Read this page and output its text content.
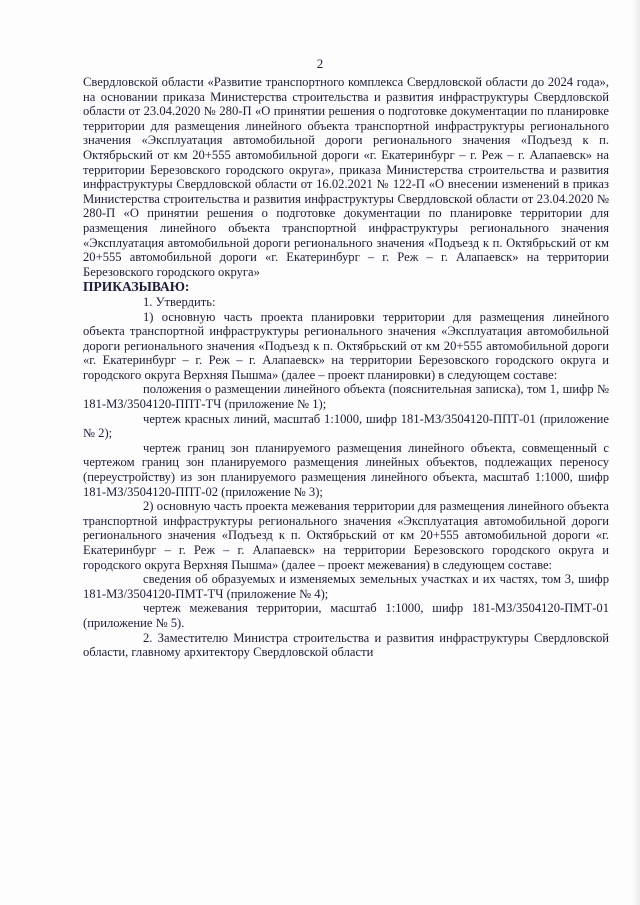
2

Свердловской области «Развитие транспортного комплекса Свердловской области до 2024 года», на основании приказа Министерства строительства и развития инфраструктуры Свердловской области от 23.04.2020 № 280-П «О принятии решения о подготовке документации по планировке территории для размещения линейного объекта транспортной инфраструктуры регионального значения «Эксплуатация автомобильной дороги регионального значения «Подъезд к п. Октябрьский от км 20+555 автомобильной дороги «г. Екатеринбург – г. Реж – г. Алапаевск» на территории Березовского городского округа», приказа Министерства строительства и развития инфраструктуры Свердловской области от 16.02.2021 № 122-П «О внесении изменений в приказ Министерства строительства и развития инфраструктуры Свердловской области от 23.04.2020 № 280-П «О принятии решения о подготовке документации по планировке территории для размещения линейного объекта транспортной инфраструктуры регионального значения «Эксплуатация автомобильной дороги регионального значения «Подъезд к п. Октябрьский от км 20+555 автомобильной дороги «г. Екатеринбург – г. Реж – г. Алапаевск» на территории Березовского городского округа»

ПРИКАЗЫВАЮ:

1. Утвердить:

1) основную часть проекта планировки территории для размещения линейного объекта транспортной инфраструктуры регионального значения «Эксплуатация автомобильной дороги регионального значения «Подъезд к п. Октябрьский от км 20+555 автомобильной дороги «г. Екатеринбург – г. Реж – г. Алапаевск» на территории Березовского городского округа и городского округа Верхняя Пышма» (далее – проект планировки) в следующем составе:

положения о размещении линейного объекта (пояснительная записка), том 1, шифр № 181-МЗ/3504120-ППТ-ТЧ (приложение № 1);

чертеж красных линий, масштаб 1:1000, шифр 181-МЗ/3504120-ППТ-01 (приложение № 2);

чертеж границ зон планируемого размещения линейного объекта, совмещенный с чертежом границ зон планируемого размещения линейных объектов, подлежащих переносу (переустройству) из зон планируемого размещения линейного объекта, масштаб 1:1000, шифр 181-МЗ/3504120-ППТ-02 (приложение № 3);

2) основную часть проекта межевания территории для размещения линейного объекта транспортной инфраструктуры регионального значения «Эксплуатация автомобильной дороги регионального значения «Подъезд к п. Октябрьский от км 20+555 автомобильной дороги «г. Екатеринбург – г. Реж – г. Алапаевск» на территории Березовского городского округа и городского округа Верхняя Пышма» (далее – проект межевания) в следующем составе:

сведения об образуемых и изменяемых земельных участках и их частях, том 3, шифр 181-МЗ/3504120-ПМТ-ТЧ (приложение № 4);

чертеж межевания территории, масштаб 1:1000, шифр 181-МЗ/3504120-ПМТ-01 (приложение № 5).

2. Заместителю Министра строительства и развития инфраструктуры Свердловской области, главному архитектору Свердловской области
